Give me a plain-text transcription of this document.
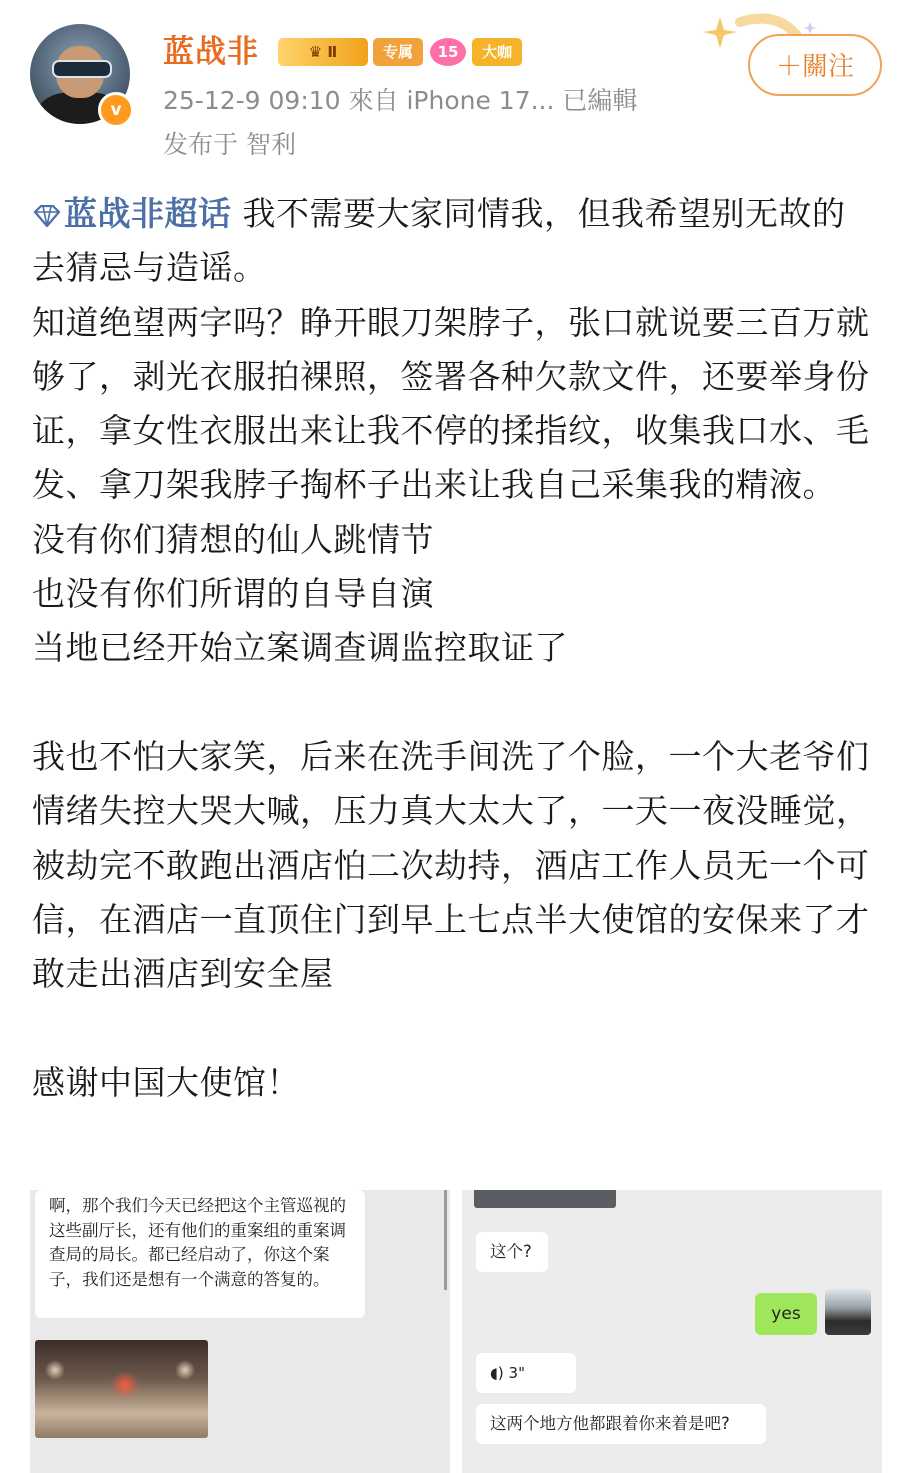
v
蓝战非	♛ Ⅱ	专属	15	大咖
25-12-9 09:10 來自 iPhone 17... 已編輯
发布于 智利
＋關注

蓝战非超话 我不需要大家同情我，但我希望别无故的去猜忌与造谣。

知道绝望两字吗？睁开眼刀架脖子，张口就说要三百万就够了，剥光衣服拍裸照，签署各种欠款文件，还要举身份证，拿女性衣服出来让我不停的揉指纹，收集我口水、毛发、拿刀架我脖子掏杯子出来让我自己采集我的精液。

没有你们猜想的仙人跳情节

也没有你们所谓的自导自演

当地已经开始立案调查调监控取证了

我也不怕大家笑，后来在洗手间洗了个脸，一个大老爷们情绪失控大哭大喊，压力真大太大了，一天一夜没睡觉，被劫完不敢跑出酒店怕二次劫持，酒店工作人员无一个可信，在酒店一直顶住门到早上七点半大使馆的安保来了才敢走出酒店到安全屋

感谢中国大使馆！

啊，那个我们今天已经把这个主管巡视的这些副厅长，还有他们的重案组的重案调查局的局长。都已经启动了，你这个案子，我们还是想有一个满意的答复的。
这个?
yes
◖) 3"
这两个地方他都跟着你来着是吧?
